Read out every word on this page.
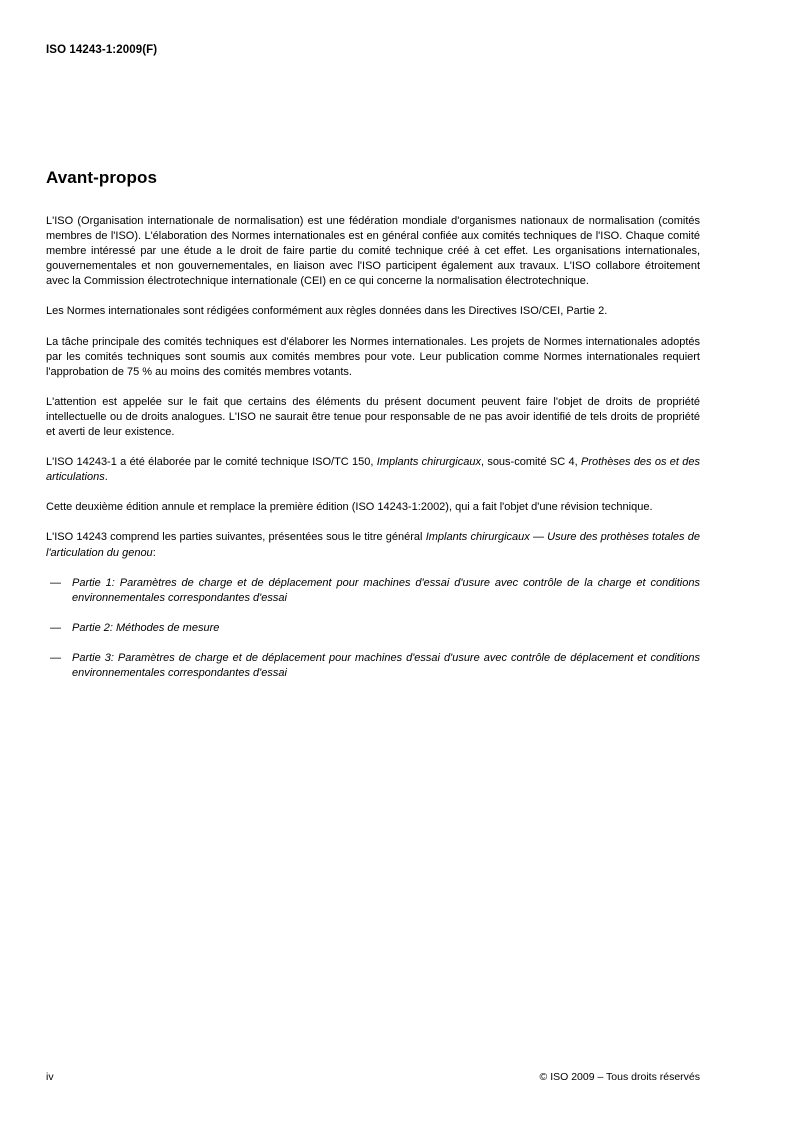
ISO 14243-1:2009(F)
Avant-propos

L'ISO (Organisation internationale de normalisation) est une fédération mondiale d'organismes nationaux de normalisation (comités membres de l'ISO). L'élaboration des Normes internationales est en général confiée aux comités techniques de l'ISO. Chaque comité membre intéressé par une étude a le droit de faire partie du comité technique créé à cet effet. Les organisations internationales, gouvernementales et non gouvernementales, en liaison avec l'ISO participent également aux travaux. L'ISO collabore étroitement avec la Commission électrotechnique internationale (CEI) en ce qui concerne la normalisation électrotechnique.

Les Normes internationales sont rédigées conformément aux règles données dans les Directives ISO/CEI, Partie 2.

La tâche principale des comités techniques est d'élaborer les Normes internationales. Les projets de Normes internationales adoptés par les comités techniques sont soumis aux comités membres pour vote. Leur publication comme Normes internationales requiert l'approbation de 75 % au moins des comités membres votants.

L'attention est appelée sur le fait que certains des éléments du présent document peuvent faire l'objet de droits de propriété intellectuelle ou de droits analogues. L'ISO ne saurait être tenue pour responsable de ne pas avoir identifié de tels droits de propriété et averti de leur existence.

L'ISO 14243-1 a été élaborée par le comité technique ISO/TC 150, Implants chirurgicaux, sous-comité SC 4, Prothèses des os et des articulations.

Cette deuxième édition annule et remplace la première édition (ISO 14243-1:2002), qui a fait l'objet d'une révision technique.

L'ISO 14243 comprend les parties suivantes, présentées sous le titre général Implants chirurgicaux — Usure des prothèses totales de l'articulation du genou:

— Partie 1: Paramètres de charge et de déplacement pour machines d'essai d'usure avec contrôle de la charge et conditions environnementales correspondantes d'essai
— Partie 2: Méthodes de mesure
— Partie 3: Paramètres de charge et de déplacement pour machines d'essai d'usure avec contrôle de déplacement et conditions environnementales correspondantes d'essai
iv	© ISO 2009 – Tous droits réservés
